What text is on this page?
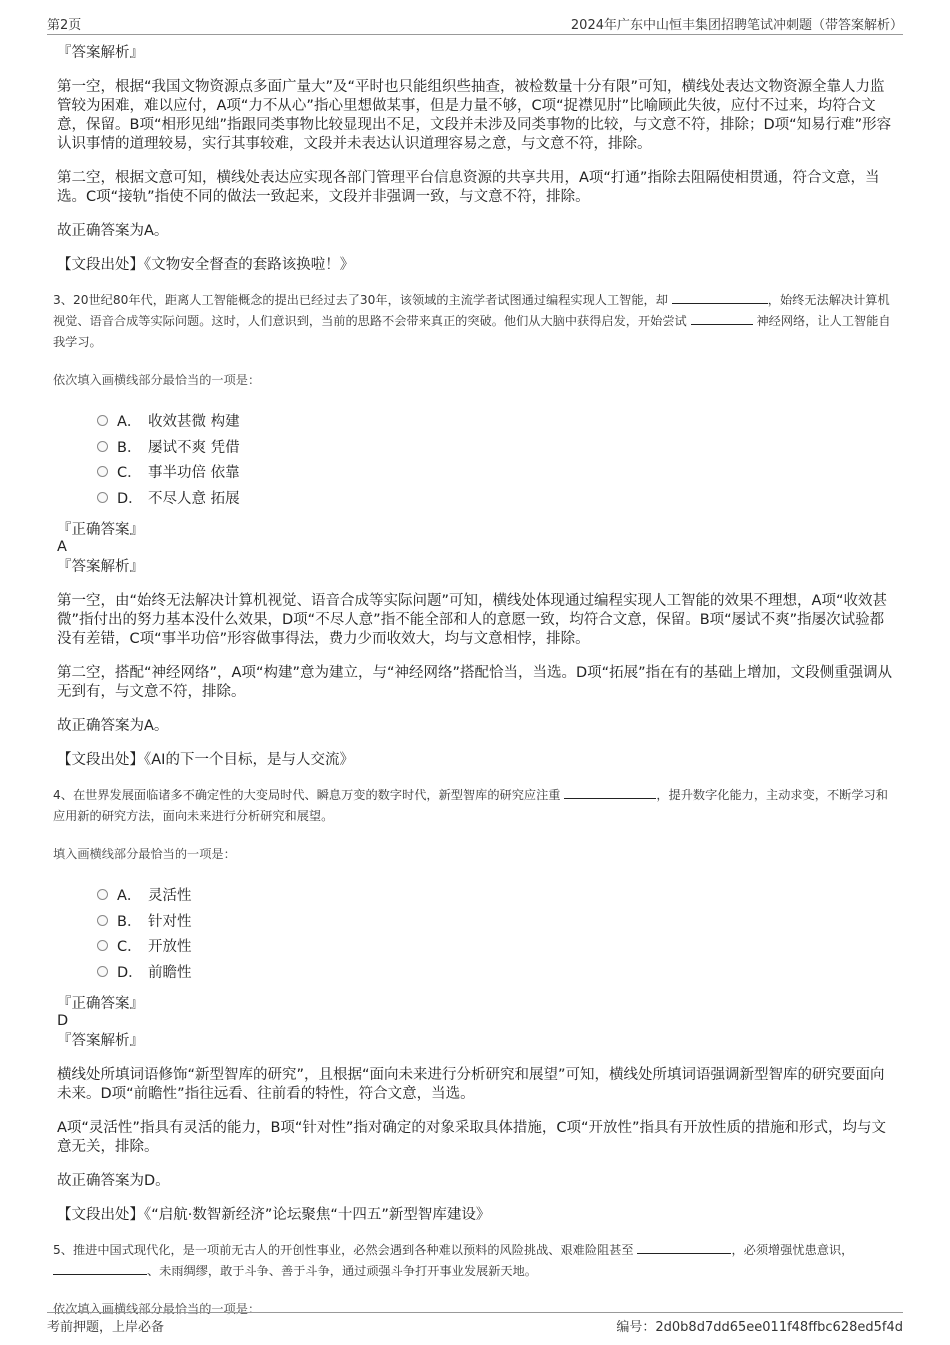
第2页	2024年广东中山恒丰集团招聘笔试冲刺题（带答案解析）

『答案解析』

第一空，根据“我国文物资源点多面广量大”及“平时也只能组织些抽查，被检数量十分有限”可知，横线处表达文物资源全靠人力监管较为困难，难以应付，A项“力不从心”指心里想做某事，但是力量不够，C项“捉襟见肘”比喻顾此失彼，应付不过来，均符合文意，保留。B项“相形见绌”指跟同类事物比较显现出不足，文段并未涉及同类事物的比较，与文意不符，排除；D项“知易行难”形容认识事情的道理较易，实行其事较难，文段并未表达认识道理容易之意，与文意不符，排除。

第二空，根据文意可知，横线处表达应实现各部门管理平台信息资源的共享共用，A项“打通”指除去阻隔使相贯通，符合文意，当选。C项“接轨”指使不同的做法一致起来，文段并非强调一致，与文意不符，排除。

故正确答案为A。

【文段出处】《文物安全督查的套路该换啦！》

3、20世纪80年代，距离人工智能概念的提出已经过去了30年，该领域的主流学者试图通过编程实现人工智能，却	，始终无法解决计算机视觉、语音合成等实际问题。这时，人们意识到，当前的思路不会带来真正的突破。他们从大脑中获得启发，开始尝试	神经网络，让人工智能自我学习。
依次填入画横线部分最恰当的一项是：
A． 收效甚微 构建
B． 屡试不爽 凭借
C． 事半功倍 依靠
D． 不尽人意 拓展

『正确答案』

A

『答案解析』

第一空，由“始终无法解决计算机视觉、语音合成等实际问题”可知，横线处体现通过编程实现人工智能的效果不理想，A项“收效甚微”指付出的努力基本没什么效果，D项“不尽人意”指不能全部和人的意愿一致，均符合文意，保留。B项“屡试不爽”指屡次试验都没有差错，C项“事半功倍”形容做事得法，费力少而收效大，均与文意相悖，排除。

第二空，搭配“神经网络”，A项“构建”意为建立，与“神经网络”搭配恰当，当选。D项“拓展”指在有的基础上增加，文段侧重强调从无到有，与文意不符，排除。

故正确答案为A。

【文段出处】《AI的下一个目标，是与人交流》

4、在世界发展面临诸多不确定性的大变局时代、瞬息万变的数字时代，新型智库的研究应注重	，提升数字化能力，主动求变，不断学习和应用新的研究方法，面向未来进行分析研究和展望。
填入画横线部分最恰当的一项是：
A． 灵活性
B． 针对性
C． 开放性
D． 前瞻性

『正确答案』

D

『答案解析』

横线处所填词语修饰“新型智库的研究”，且根据“面向未来进行分析研究和展望”可知，横线处所填词语强调新型智库的研究要面向未来。D项“前瞻性”指往远看、往前看的特性，符合文意，当选。

A项“灵活性”指具有灵活的能力，B项“针对性”指对确定的对象采取具体措施，C项“开放性”指具有开放性质的措施和形式，均与文意无关，排除。

故正确答案为D。

【文段出处】《“启航·数智新经济”论坛聚焦“十四五”新型智库建设》

5、推进中国式现代化，是一项前无古人的开创性事业，必然会遇到各种难以预料的风险挑战、艰难险阻甚至	，必须增强忧患意识， 、未雨绸缪，敢于斗争、善于斗争，通过顽强斗争打开事业发展新天地。
依次填入画横线部分最恰当的一项是：
考前押题，上岸必备	编号：2d0b8d7dd65ee011f48ffbc628ed5f4d
